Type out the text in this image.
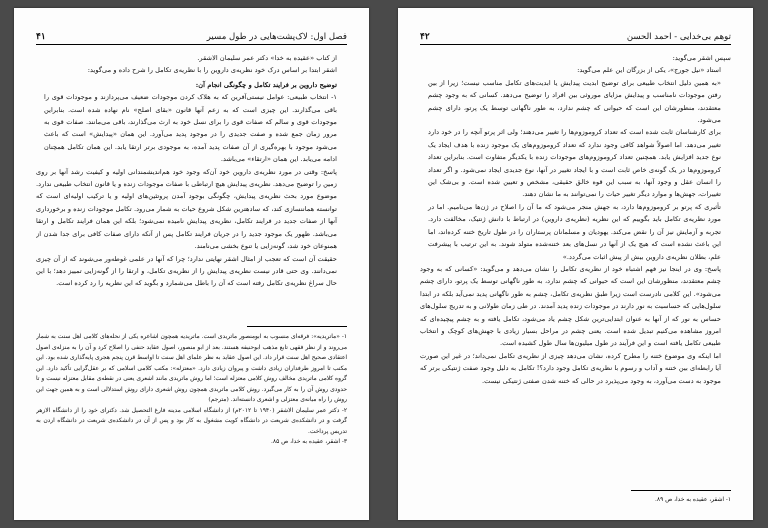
فصل اول: لاک‌پشت‌هایی در طول مسیر
۴۱

از کتاب «عقیده به خدا» دکتر عمر سلیمان الاشقر.

اشقر ابتدا بر اساس درک خود نظریه‌ی داروین را با نظریه‌ی تکامل را شرح داده و می‌گوید:

توضیح داروین بر فرایند تکامل و چگونگی انجام آن:

۱- انتخاب طبیعی: عوامل نیستی‌آفرین که به هلاک کردن موجودات ضعیف می‌پردازند و موجودات قوی را باقی می‌گذارند. این چیزی است که به زعم آنها قانون «بقای اصلح» نام نهاده شده است. بنابراین موجودات قوی و سالم که صفات قوی را برای نسل خود به ارث می‌گذارند، باقی می‌مانند. صفات قوی به مرور زمان جمع شده و صفت جدیدی را در موجود پدید می‌آورد. این همان «پیدایش» است که باعث می‌شود موجود با بهره‌گیری از آن صفات پدید آمده، به موجودی برتر ارتقا یابد. این همان تکامل همچنان ادامه می‌یابد. این همان «ارتقاء» می‌باشد.

پاسخ: وقتی در مورد نظریه‌ی داروین خود آن‌که وجود خود هم‌اندیشمندانی اولیه و کیفیت رشد آنها بر روی زمین را توضیح می‌دهد. نظریه‌ی پیدایش هیچ ارتباطی با صفات موجودات زنده و یا قانون انتخاب طبیعی ندارد. موضوع مورد بحث نظریه‌ی پیدایش، چگونگی بوجود آمدن پروتئین‌های اولیه و یا ترکیب اولیه‌ای است که توانسته هماننسازی کند، که سادهترین شکل شروع حیات به شمار می‌رود. تکامل موجودات زنده و برخورداری آنها از صفات جدید در فرایند تکامل، نظریه‌ی پیدایش نامیده نمی‌شود؛ بلکه این همان فرایند تکامل و ارتقا می‌باشد. ظهور یک موجود جدید را در جریان فرایند تکامل پس از آنکه دارای صفات کافی برای جدا شدن از همنوعان خود شد، گونه‌زایی یا تنوع بخشی می‌نامند.

حقیقت آن است که تعجب از امثال اشقر نهایتی ندارد؛ چرا که آنها در علمی غوطه‌ور می‌شوند که از آن چیزی نمی‌دانند. وی حتی قادر نیست نظریه‌ی پیدایش را از نظریه‌ی تکامل، و ارتقا را از گونه‌زایی تمییز دهد؛ با این حال سراغ نظریه‌ی تکامل رفته است که آن را باطل می‌شمارد و بگوید که این نظریه را رد کرده است.

۱- «ماتریدیه»: فرقه‌ای منسوب به ابومنصور ماتریدی است. ماتریدیه همچون اشاعره یکی از نحله‌های کلامی اهل سنت به شمار می‌روند و از نظر فقهی تابع مذهب ابوحنیفه هستند. بعد از ابو منصور، اصول عقاید حنفی را اصلاح کرد و آن را به منزله‌ی اصول اعتقادی صحیح اهل سنت قرار داد. این اصول عقاید به نظر علمای اهل سنت تا اواسط قرن پنجم هجری پایه‌گذاری شده بود. این مکتب تا امروز طرفداران زیادی داشت و پیروان زیادی دارد. «معتزله»: مکتب کلامی اسلامی که بر عقل‌گرایی تأکید دارد. این گروه کلامی ماتریدی مخالف روش کلامی معتزله است؛ اما روش ماتریدی مانند اشعری یعنی در نقطه‌ی مقابل معتزله نیست و تا حدودی روش آن را به کار می‌گیرد. روش کلامی ماتریدی همچون روش اشعری دارای روش استدلالی است و به همین جهت این روش را راه میانه‌ی معتزلی و اشعری دانسته‌اند. (مترجم)

۲- دکتر عمر سلیمان الاشقر (۱۹۴۰ تا ۲۰۱۲م) از دانشگاه اسلامی مدینه فارغ التحصیل شد. دکترای خود را از دانشگاه الازهر گرفت و در دانشکده‌ی شریعت در دانشگاه کویت مشغول به کار بود و پس از آن در دانشکده‌ی شریعت در دانشگاه اردن به تدریس پرداخت.

۳- اشقر، عقیده به خدا، ص ۸۵.

توهم بی‌خدایی - احمد الحسن
۴۲

سپس اشقر می‌گوید:

استاد «نیل جورج»، یکی از بزرگان این علم می‌گوید:

«به همین دلیل انتخاب طبیعی برای توضیح ابدیت پیدایش یا ابدیت‌های تکامل مناسب نیست؛ زیرا از بین رفتن موجودات نامناسب و پیدایش مزایای موروثی بین افراد را توضیح می‌دهد. کسانی که به وجود چشم معتقدند، منظورشان این است که حیوانی که چشم ندارد، به طور ناگهانی توسط یک پرتو، دارای چشم می‌شود.

برای کارشناسان ثابت شده است که تعداد کروموزوم‌ها را تغییر می‌دهند؛ ولی اثر پرتو آنچه را در خود دارد تغییر می‌دهد. اما اصولاً شواهد کافی وجود ندارد که تعداد کروموزوم‌های یک موجود زنده با هدف ایجاد یک نوع جدید افزایش یابد. همچنین تعداد کروموزوم‌های موجودات زنده با یکدیگر متفاوت است. بنابراین تعداد کروموزوم‌ها در یک گونه‌ی خاص ثابت است و با ایجاد تغییر در آنها، نوع جدیدی ایجاد نمی‌شود. و اگر تعداد را انسان عقل و وجود آنها، به سبب این قوه خالق حقیقی، مشخص و تعیین شده است. و بی‌شک این تغییرات، جهش‌ها و موارد دیگر تغییر حیات را نمی‌توانند به ما نشان دهند.

تأثیری که پرتو بر کروموزوم‌ها دارد، به جهش منجر می‌شود که ما آن را اصلاح در ژن‌ها می‌نامیم. اما در مورد نظریه‌ی تکامل باید بگوییم که این نظریه (نظریه‌ی داروین) در ارتباط با دانش ژنتیک، مخالفت دارد. تجربه و آزمایش نیز آن را نقض می‌کند. یهودیان و مسلمانان پرستاران را در طول تاریخ ختنه کرده‌اند، اما این باعث نشده است که هیچ یک از آنها در نسل‌های بعد ختنه‌شده متولد شوند. به این ترتیب با پیشرفت علم، بطلان نظریه‌ی داروین بیش از پیش اثبات می‌گردد.»

پاسخ: وی در اینجا نیز فهم اشتباه خود از نظریه‌ی تکامل را نشان می‌دهد و می‌گوید: «کسانی که به وجود چشم معتقدند، منظورشان این است که حیوانی که چشم ندارد، به طور ناگهانی توسط یک پرتو، دارای چشم می‌شود». این کلامی نادرست است زیرا طبق نظریه‌ی تکامل، چشم به طور ناگهانی پدید نمی‌آید بلکه در ابتدا سلول‌هایی که حساسیت به نور دارند در موجودات زنده پدید آمدند. در طی زمان طولانی و به تدریج سلول‌های حساس به نور که از آنها به عنوان ابتدایی‌ترین شکل چشم یاد می‌شود، تکامل یافته و به چشم پیچیده‌ای که امروز مشاهده می‌کنیم تبدیل شده است. یعنی چشم در مراحل بسیار زیادی با جهش‌های کوچک و انتخاب طبیعی تکامل یافته است و این فرآیند در طول میلیون‌ها سال طول کشیده است.

اما اینکه وی موضوع ختنه را مطرح کرده، نشان می‌دهد چیزی از نظریه‌ی تکامل نمی‌داند؛ در غیر این صورت آیا رابطه‌ای بین ختنه و آداب و رسوم با نظریه‌ی تکامل وجود دارد؟! تکامل به دلیل وجود صفت ژنتیکی برتر که موجود به دست می‌آورد، به وجود می‌پذیرد در حالی که ختنه شدن صفتی ژنتیکی نیست.

۱- اشقر، عقیده به خدا، ص ۸۹.
